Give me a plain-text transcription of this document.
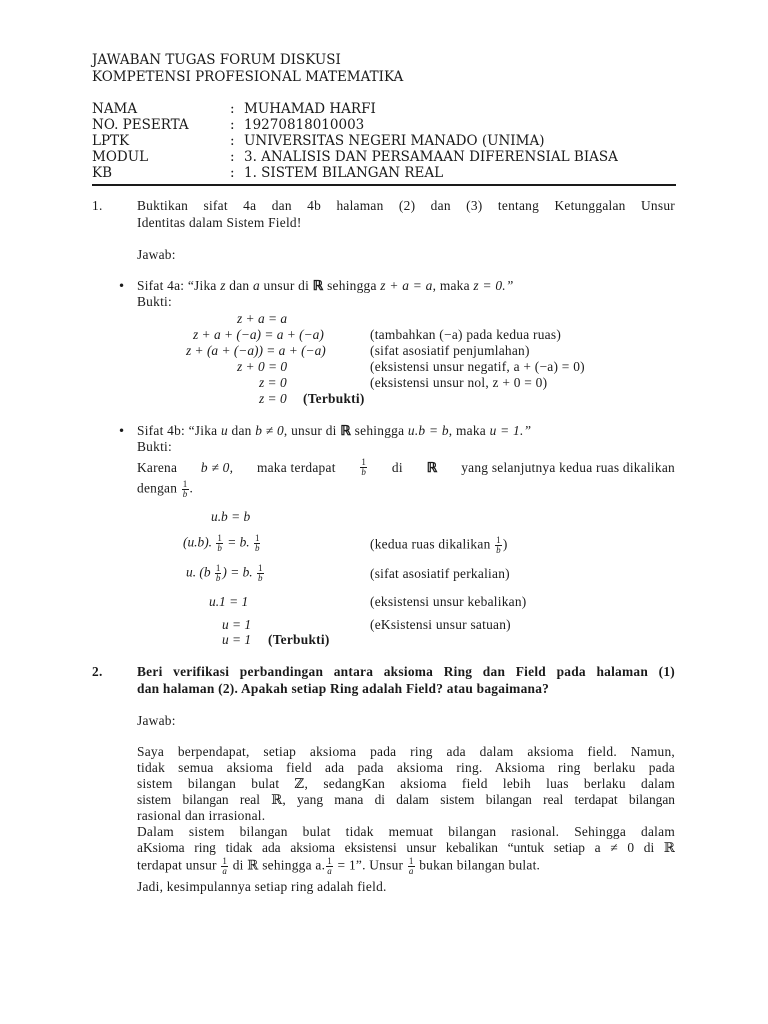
JAWABAN TUGAS FORUM DISKUSI
KOMPETENSI PROFESIONAL MATEMATIKA
NAMA	: MUHAMAD HARFI
NO. PESERTA	: 19270818010003
LPTK	: UNIVERSITAS NEGERI MANADO (UNIMA)
MODUL	: 3. ANALISIS DAN PERSAMAAN DIFERENSIAL BIASA
KB	: 1. SISTEM BILANGAN REAL
1.	Buktikan sifat 4a dan 4b halaman (2) dan (3) tentang Ketunggalan Unsur
Identitas dalam Sistem Field!
Jawab:
• Sifat 4a: “Jika z dan a unsur di ℝ sehingga z + a = a, maka z = 0.”
Bukti:
z + a = a
z + a + (−a) = a + (−a)	(tambahkan (−a) pada kedua ruas)
z + (a + (−a)) = a + (−a)	(sifat asosiatif penjumlahan)
z + 0 = 0	(eksistensi unsur negatif, a + (−a) = 0)
z = 0	(eksistensi unsur nol, z + 0 = 0)
z = 0 (Terbukti)
• Sifat 4b: “Jika u dan b ≠ 0, unsur di ℝ sehingga u.b = b, maka u = 1.”
Bukti:
Karena b ≠ 0, maka terdapat	$\frac{1}{b}$ di ℝ yang selanjutnya kedua ruas dikalikan
dengan $\frac{1}{b}$ .
u.b = b
(u.b). $\frac{1}{b} = b$. $\frac{1}{b}$	(kedua ruas dikalikan $\frac{1}{b}$ )
u. ($b \frac{1}{b}$ ) = b. $\frac{1}{b}$	(sifat asosiatif perkalian)
u.1 = 1	(eksistensi unsur kebalikan)
u = 1	(eKsistensi unsur satuan)
u = 1 (Terbukti)
2.	Beri verifikasi perbandingan antara aksioma Ring dan Field pada halaman (1)
dan halaman (2). Apakah setiap Ring adalah Field? atau bagaimana?
Jawab:
Saya berpendapat, setiap aksioma pada ring ada dalam aksioma field. Namun,
tidak semua aksioma field ada pada aksioma ring. Aksioma ring berlaku pada
sistem bilangan bulat ℤ, sedangKan aksioma field lebih luas berlaku dalam
sistem bilangan real ℝ, yang mana di dalam sistem bilangan real terdapat bilangan
rasional dan irrasional.
Dalam sistem bilangan bulat tidak memuat bilangan rasional. Sehingga dalam
aKsioma ring tidak ada aksioma eksistensi unsur kebalikan “untuk setiap a ≠ 0 di ℝ
terdapat unsur $\frac{1}{a}$ di ℝ sehingga a. $\frac{1}{a} = 1$”. Unsur $\frac{1}{a}$ bukan bilangan bulat.
Jadi, kesimpulannya setiap ring adalah field.
